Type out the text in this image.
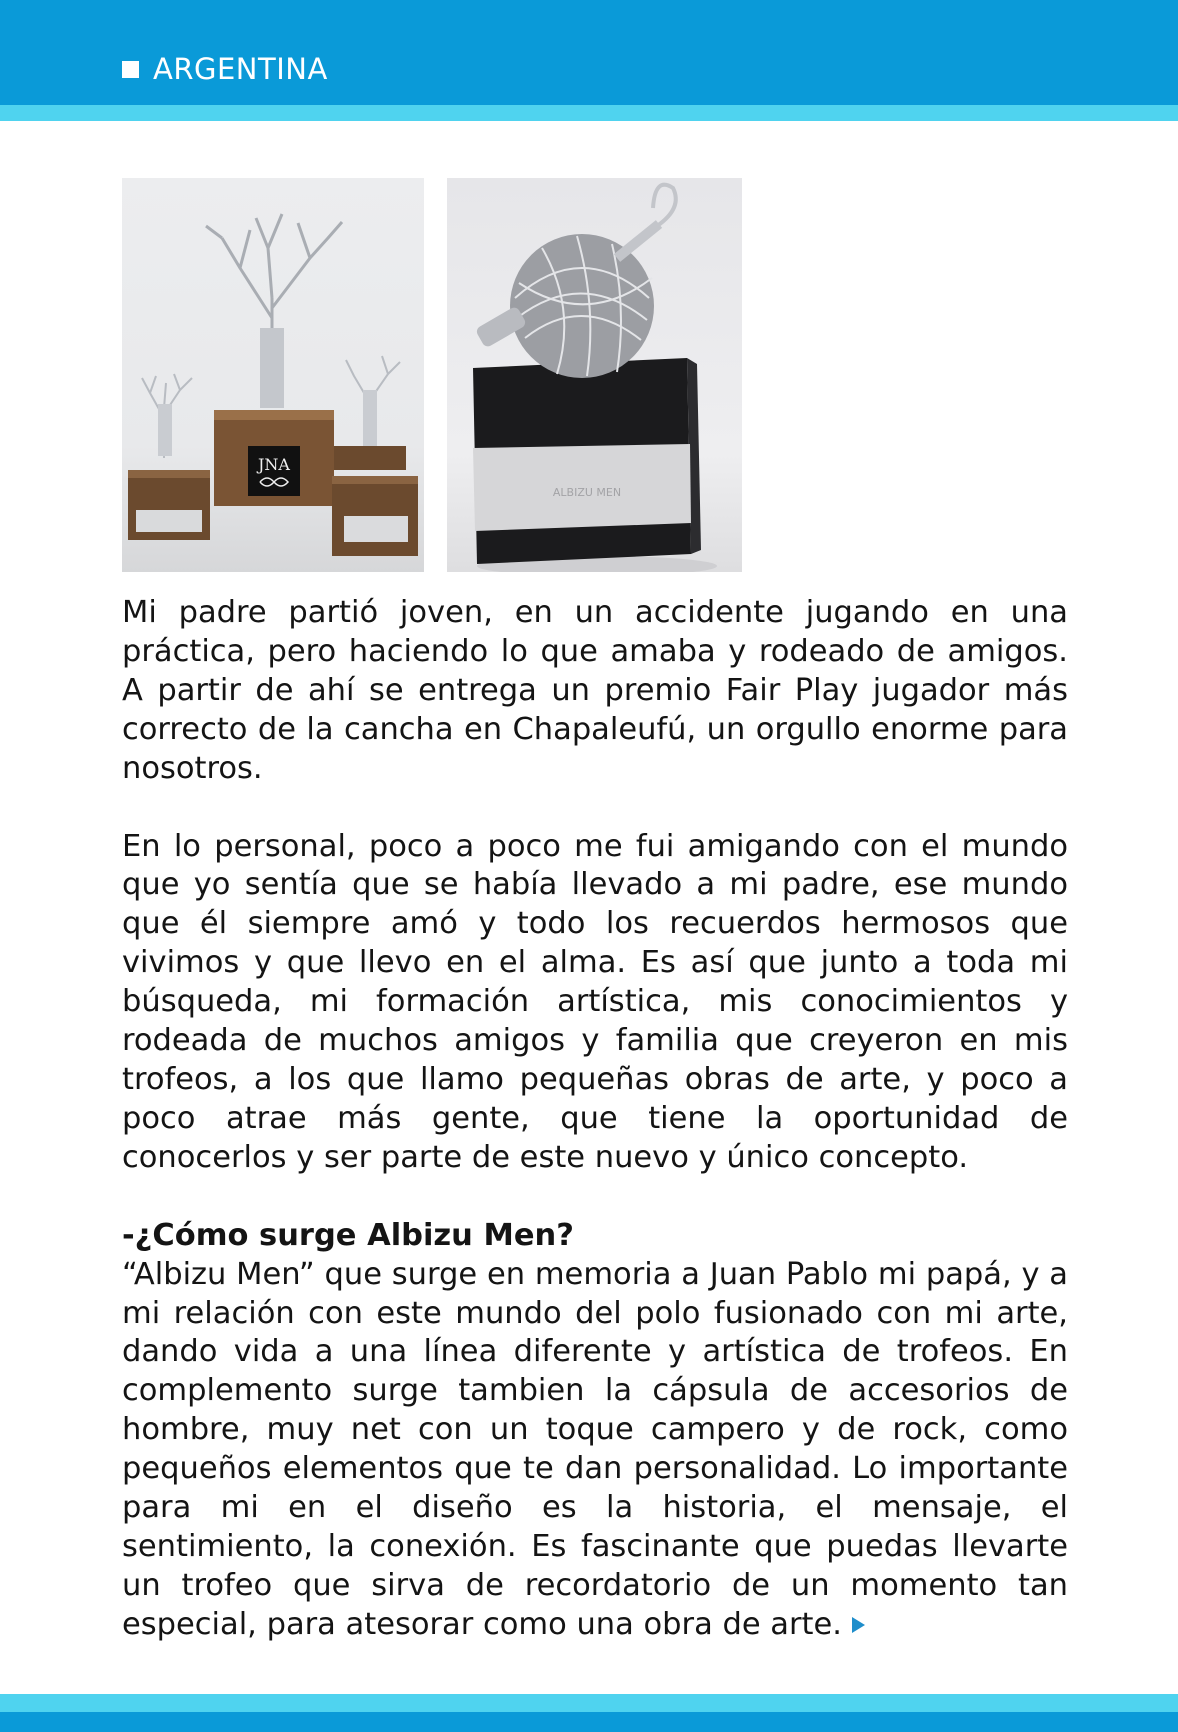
ARGENTINA
JNA
ALBIZU MEN

Mi padre partió joven, en un accidente jugando en una práctica, pero haciendo lo que amaba y rodeado de amigos. A partir de ahí se entrega un premio Fair Play jugador más correcto de la cancha en Chapaleufú, un orgullo enorme para nosotros.

En lo personal, poco a poco me fui amigando con el mundo que yo sentía que se había llevado a mi padre, ese mundo que él siempre amó y todo los recuerdos hermosos que vivimos y que llevo en el alma. Es así que junto a toda mi búsqueda, mi formación artística, mis conocimientos y rodeada de muchos amigos y familia que creyeron en mis trofeos, a los que llamo pequeñas obras de arte, y poco a poco atrae más gente, que tiene la oportunidad de conocerlos y ser parte de este nuevo y único concepto.

-¿Cómo surge Albizu Men?

“Albizu Men” que surge en memoria a Juan Pablo mi papá, y a mi relación con este mundo del polo fusionado con mi arte, dando vida a una línea diferente y artística de trofeos. En complemento surge tambien la cápsula de accesorios de hombre, muy net con un toque campero y de rock, como pequeños elementos que te dan personalidad. Lo importante para mi en el diseño es la historia, el mensaje, el sentimiento, la conexión. Es fascinante que puedas llevarte un trofeo que sirva de recordatorio de un momento tan especial, para atesorar como una obra de arte.
